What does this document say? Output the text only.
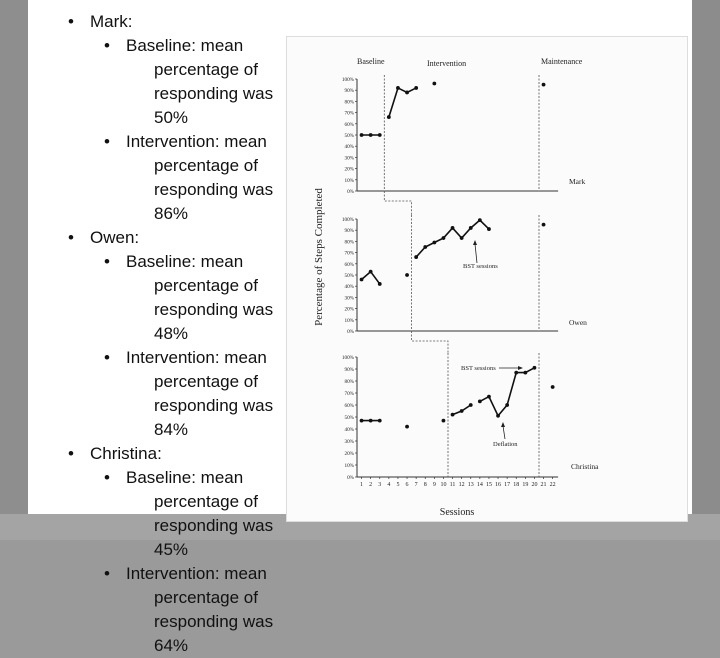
• Mark:
• Baseline: mean percentage of responding was 50%
• Intervention: mean percentage of responding was 86%
• Owen:
• Baseline: mean percentage of responding was 48%
• Intervention: mean percentage of responding was 84%
• Christina:
• Baseline: mean percentage of responding was 45%
• Intervention: mean percentage of responding was 64%
Baseline	Intervention	Maintenance
Percentage of Steps Completed
Sessions
Mark
Owen
Christina
BST sessions
BST sessions
Deflation
0%
10%
20%
30%
40%
50%
60%
70%
80%
90%
100%
0%
10%
20%
30%
40%
50%
60%
70%
80%
90%
100%
0%
10%
20%
30%
40%
50%
60%
70%
80%
90%
100%
1 2 3 4 5 6 7 8 9 10 11 12 13 14 15 16 17 18 19 20 21 22
